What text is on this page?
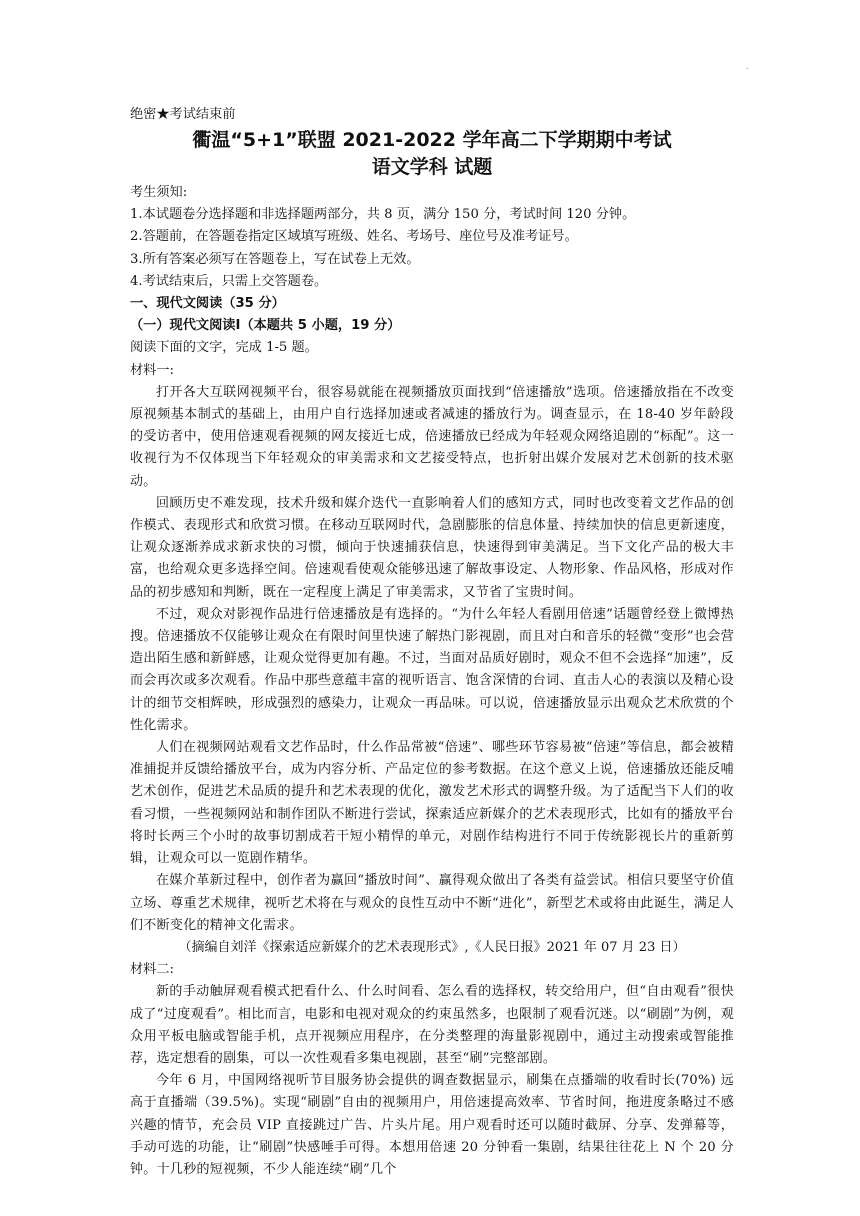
.
绝密★考试结束前
衢温“5+1”联盟 2021-2022 学年高二下学期期中考试
语文学科 试题
考生须知:
1.本试题卷分选择题和非选择题两部分，共 8 页，满分 150 分，考试时间 120 分钟。
2.答题前，在答题卷指定区域填写班级、姓名、考场号、座位号及准考证号。
3.所有答案必须写在答题卷上，写在试卷上无效。
4.考试结束后，只需上交答题卷。
一、现代文阅读（35 分）
（一）现代文阅读Ⅰ（本题共 5 小题，19 分）
阅读下面的文字，完成 1-5 题。
材料一:
打开各大互联网视频平台，很容易就能在视频播放页面找到“倍速播放”选项。倍速播放指在不改变原视频基本制式的基础上，由用户自行选择加速或者减速的播放行为。调查显示，在 18-40 岁年龄段的受访者中，使用倍速观看视频的网友接近七成，倍速播放已经成为年轻观众网络追剧的“标配”。这一收视行为不仅体现当下年轻观众的审美需求和文艺接受特点，也折射出媒介发展对艺术创新的技术驱动。
回顾历史不难发现，技术升级和媒介迭代一直影响着人们的感知方式，同时也改变着文艺作品的创作模式、表现形式和欣赏习惯。在移动互联网时代，急剧膨胀的信息体量、持续加快的信息更新速度，让观众逐渐养成求新求快的习惯，倾向于快速捕获信息，快速得到审美满足。当下文化产品的极大丰富，也给观众更多选择空间。倍速观看使观众能够迅速了解故事设定、人物形象、作品风格，形成对作品的初步感知和判断，既在一定程度上满足了审美需求，又节省了宝贵时间。
不过，观众对影视作品进行倍速播放是有选择的。“为什么年轻人看剧用倍速”话题曾经登上微博热搜。倍速播放不仅能够让观众在有限时间里快速了解热门影视剧，而且对白和音乐的轻微“变形”也会营造出陌生感和新鲜感，让观众觉得更加有趣。不过，当面对品质好剧时，观众不但不会选择“加速”，反而会再次或多次观看。作品中那些意蕴丰富的视听语言、饱含深情的台词、直击人心的表演以及精心设计的细节交相辉映，形成强烈的感染力，让观众一再品味。可以说，倍速播放显示出观众艺术欣赏的个性化需求。
人们在视频网站观看文艺作品时，什么作品常被“倍速”、哪些环节容易被“倍速”等信息，都会被精准捕捉并反馈给播放平台，成为内容分析、产品定位的参考数据。在这个意义上说，倍速播放还能反哺艺术创作，促进艺术品质的提升和艺术表现的优化，激发艺术形式的调整升级。为了适配当下人们的收看习惯，一些视频网站和制作团队不断进行尝试，探索适应新媒介的艺术表现形式，比如有的播放平台将时长两三个小时的故事切割成若干短小精悍的单元，对剧作结构进行不同于传统影视长片的重新剪辑，让观众可以一览剧作精华。
在媒介革新过程中，创作者为赢回“播放时间”、赢得观众做出了各类有益尝试。相信只要坚守价值立场、尊重艺术规律，视听艺术将在与观众的良性互动中不断“进化”，新型艺术或将由此诞生，满足人们不断变化的精神文化需求。
（摘编自刘洋《探索适应新媒介的艺术表现形式》,《人民日报》2021 年 07 月 23 日）
材料二:
新的手动触屏观看模式把看什么、什么时间看、怎么看的选择权，转交给用户，但“自由观看”很快成了“过度观看”。相比而言，电影和电视对观众的约束虽然多，也限制了观看沉迷。以“刷剧”为例，观众用平板电脑或智能手机，点开视频应用程序，在分类整理的海量影视剧中，通过主动搜索或智能推荐，选定想看的剧集，可以一次性观看多集电视剧，甚至“刷”完整部剧。
今年 6 月，中国网络视听节目服务协会提供的调查数据显示，刷集在点播端的收看时长(70%) 远高于直播端（39.5%)。实现“刷剧”自由的视频用户，用倍速提高效率、节省时间，拖进度条略过不感兴趣的情节，充会员 VIP 直接跳过广告、片头片尾。用户观看时还可以随时截屏、分享、发弹幕等，手动可选的功能，让“刷剧”快感唾手可得。本想用倍速 20 分钟看一集剧，结果往往花上 N 个 20 分钟。十几秒的短视频，不少人能连续“刷”几个
